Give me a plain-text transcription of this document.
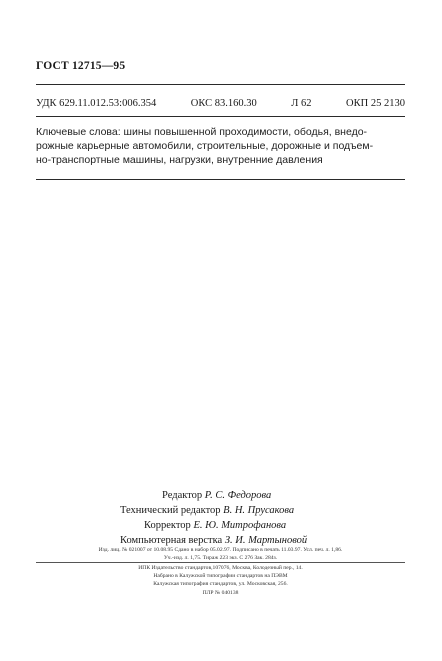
ГОСТ 12715—95
УДК 629.11.012.53:006.354	ОКС 83.160.30	Л 62	ОКП 25 2130

Ключевые слова: шины повышенной проходимости, ободья, внедо-

рожные карьерные автомобили, строительные, дорожные и подъем-

но-транспортные машины, нагрузки, внутренние давления

Редактор Р. С. Федорова
Технический редактор В. Н. Прусакова
Корректор Е. Ю. Митрофанова
Компьютерная верстка З. И. Мартыновой
Изд. лиц. № 021007 от 10.08.95 Сдано в набор 05.02.97. Подписано в печать 11.03.97. Усл. печ. л. 1,86.
Уч.-изд. л. 1,75. Тираж 223 экз. С 276 Зак. 284з.
ИПК Издательство стандартов,107076, Москва, Колодезный пер., 14.
Набрано в Калужской типографии стандартов на ПЭВМ
Калужская типография стандартов, ул. Московская, 256.
ПЛР № 040138
